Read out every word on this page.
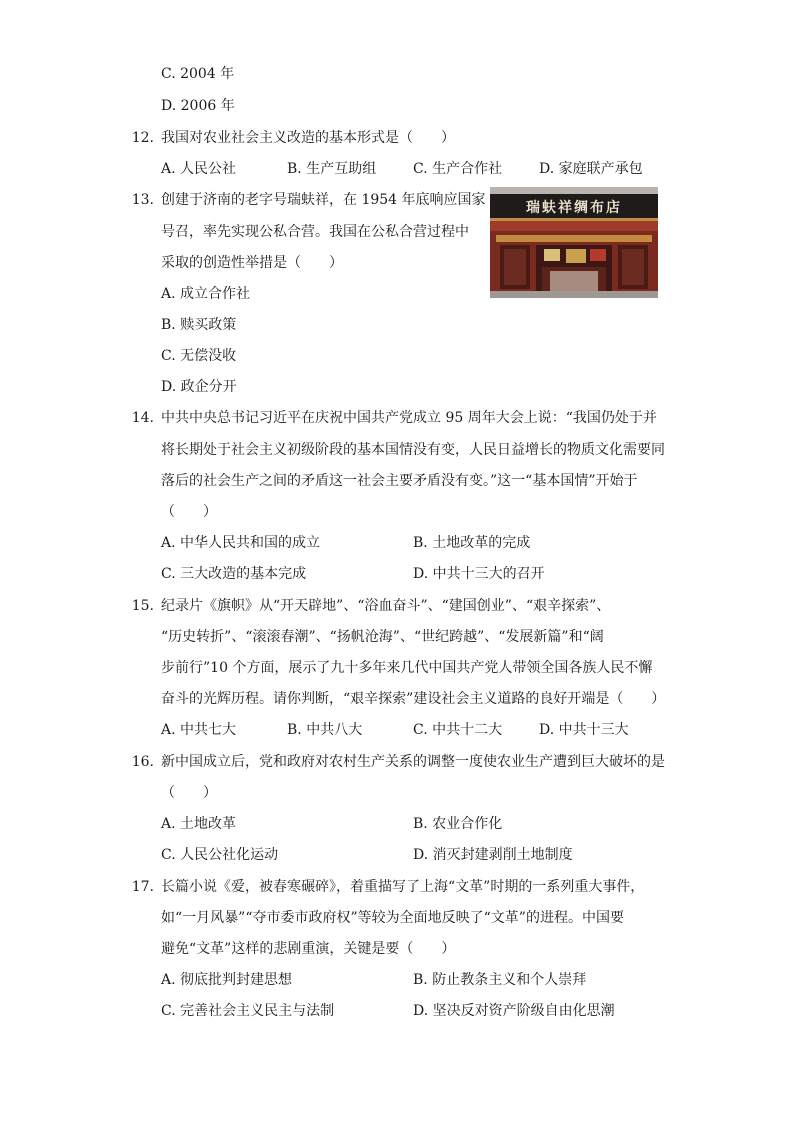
C. 2004 年
D. 2006 年
12. 我国对农业社会主义改造的基本形式是（　　）
A. 人民公社	B. 生产互助组	C. 生产合作社	D. 家庭联产承包
13. 创建于济南的老字号瑞蚨祥，在 1954 年底响应国家
号召，率先实现公私合营。我国在公私合营过程中
采取的创造性举措是（　　）
A. 成立合作社
B. 赎买政策
C. 无偿没收
D. 政企分开
瑞蚨祥绸布店
14. 中共中央总书记习近平在庆祝中国共产党成立 95 周年大会上说：“我国仍处于并
将长期处于社会主义初级阶段的基本国情没有变，人民日益增长的物质文化需要同
落后的社会生产之间的矛盾这一社会主要矛盾没有变。”这一“基本国情”开始于
（　　）
A. 中华人民共和国的成立	B. 土地改革的完成
C. 三大改造的基本完成	D. 中共十三大的召开
15. 纪录片《旗帜》从“开天辟地”、“浴血奋斗”、“建国创业”、“艰辛探索”、
“历史转折”、“滚滚春潮”、“扬帆沧海”、“世纪跨越”、“发展新篇”和“阔
步前行”10 个方面，展示了九十多年来几代中国共产党人带领全国各族人民不懈
奋斗的光辉历程。请你判断，“艰辛探索”建设社会主义道路的良好开端是（　　）
A. 中共七大	B. 中共八大	C. 中共十二大	D. 中共十三大
16. 新中国成立后，党和政府对农村生产关系的调整一度使农业生产遭到巨大破坏的是
（　　）
A. 土地改革	B. 农业合作化
C. 人民公社化运动	D. 消灭封建剥削土地制度
17. 长篇小说《爱，被春寒碾碎》，着重描写了上海“文革”时期的一系列重大事件，
如“一月风暴”“夺市委市政府权”等较为全面地反映了“文革”的进程。中国要
避免“文革”这样的悲剧重演，关键是要（　　）
A. 彻底批判封建思想	B. 防止教条主义和个人崇拜
C. 完善社会主义民主与法制	D. 坚决反对资产阶级自由化思潮
